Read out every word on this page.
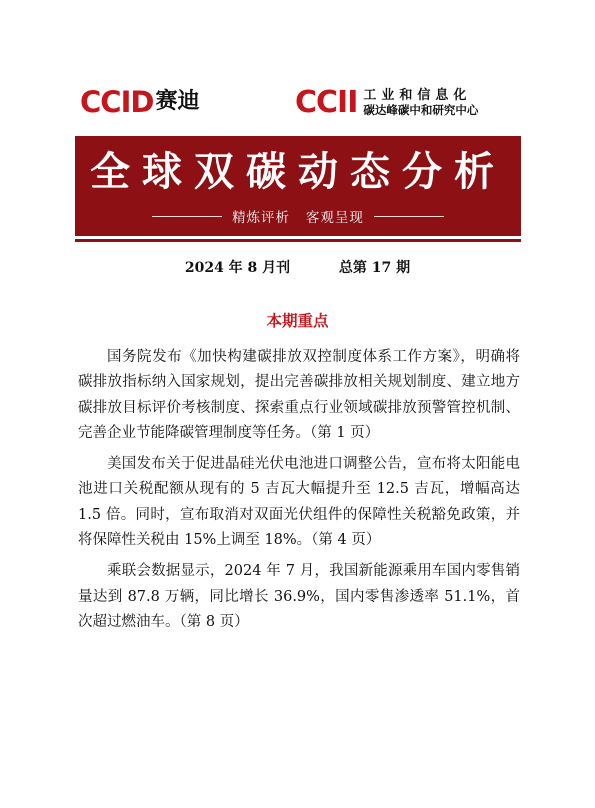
CCID 赛迪	CCII 工业和信息化
碳达峰碳中和研究中心
全球双碳动态分析
精炼评析   客观呈现
2024 年 8 月刊          总第 17 期
本期重点

国务院发布《加快构建碳排放双控制度体系工作方案》，明确将碳排放指标纳入国家规划，提出完善碳排放相关规划制度、建立地方碳排放目标评价考核制度、探索重点行业领域碳排放预警管控机制、完善企业节能降碳管理制度等任务。（第 1 页）

美国发布关于促进晶硅光伏电池进口调整公告，宣布将太阳能电池进口关税配额从现有的 5 吉瓦大幅提升至 12.5 吉瓦，增幅高达 1.5 倍。同时，宣布取消对双面光伏组件的保障性关税豁免政策，并将保障性关税由 15%上调至 18%。（第 4 页）

乘联会数据显示，2024 年 7 月，我国新能源乘用车国内零售销量达到 87.8 万辆，同比增长 36.9%，国内零售渗透率 51.1%，首次超过燃油车。（第 8 页）
